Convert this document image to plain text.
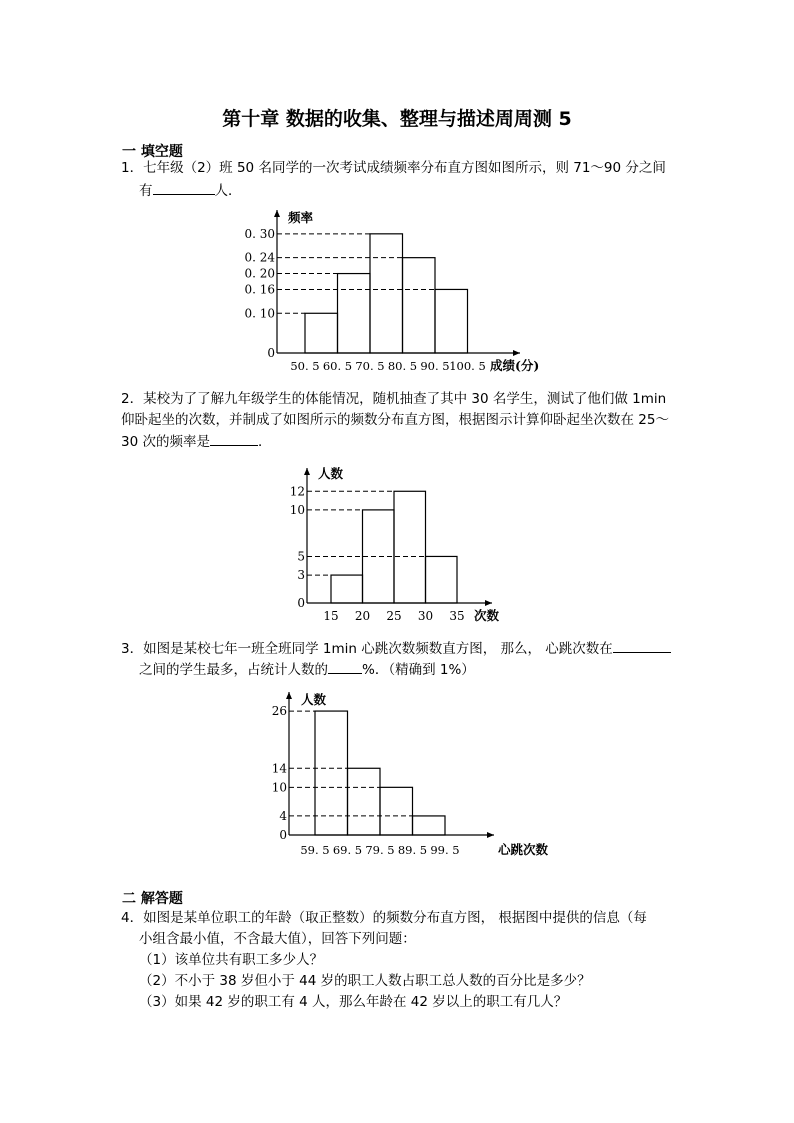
第十章 数据的收集、整理与描述周周测 5
一 填空题
1．七年级（2）班 50 名同学的一次考试成绩频率分布直方图如图所示，则 71～90 分之间
有	人．
2．某校为了了解九年级学生的体能情况，随机抽查了其中 30 名学生，测试了他们做 1min
仰卧起坐的次数，并制成了如图所示的频数分布直方图，根据图示计算仰卧起坐次数在 25～
30 次的频率是	．
3．如图是某校七年一班全班同学 1min 心跳次数频数直方图， 那么， 心跳次数在
之间的学生最多，占统计人数的	%．（精确到 1%）
二 解答题
4．如图是某单位职工的年龄（取正整数）的频数分布直方图， 根据图中提供的信息（每
小组含最小值，不含最大值），回答下列问题：
（1）该单位共有职工多少人？
（2）不小于 38 岁但小于 44 岁的职工人数占职工总人数的百分比是多少？
（3）如果 42 岁的职工有 4 人，那么年龄在 42 岁以上的职工有几人？
0
0. 10
0. 16
0. 20
0. 24
0. 30
50. 5 60. 5 70. 5 80. 5 90. 5 100. 5
频率
成绩(分)
0
3
5
10
12
15 20 25 30 35
人数
次数
0
4
10
14
26
59. 5 69. 5 79. 5 89. 5 99. 5
人数
心跳次数
